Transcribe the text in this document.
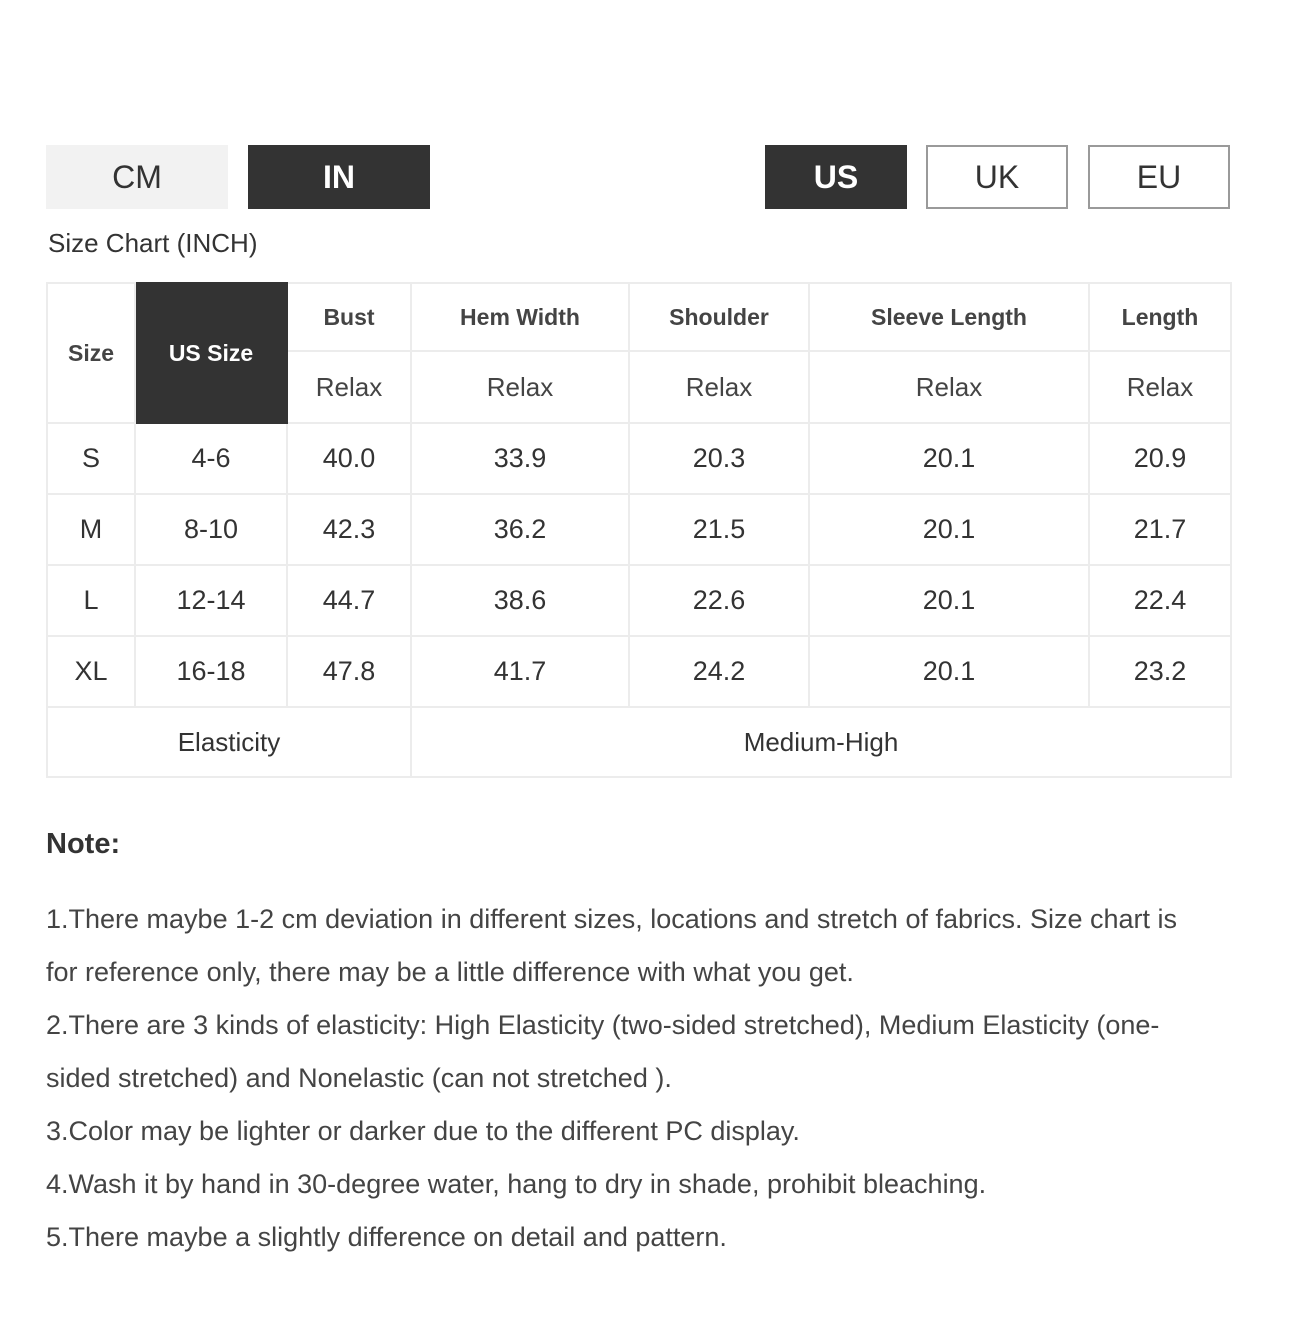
CM	IN	US	UK	EU
Size Chart (INCH)
Size	US Size	Bust	Hem Width	Shoulder	Sleeve Length	Length
		Relax	Relax	Relax	Relax	Relax
S	4-6	40.0	33.9	20.3	20.1	20.9
M	8-10	42.3	36.2	21.5	20.1	21.7
L	12-14	44.7	38.6	22.6	20.1	22.4
XL	16-18	47.8	41.7	24.2	20.1	23.2
Elasticity			Medium-High			
Note:

1.There maybe 1-2 cm deviation in different sizes, locations and stretch of fabrics. Size chart is for reference only, there may be a little difference with what you get.

2.There are 3 kinds of elasticity: High Elasticity (two-sided stretched), Medium Elasticity (one-sided stretched) and Nonelastic (can not stretched ).

3.Color may be lighter or darker due to the different PC display.

4.Wash it by hand in 30-degree water, hang to dry in shade, prohibit bleaching.

5.There maybe a slightly difference on detail and pattern.
